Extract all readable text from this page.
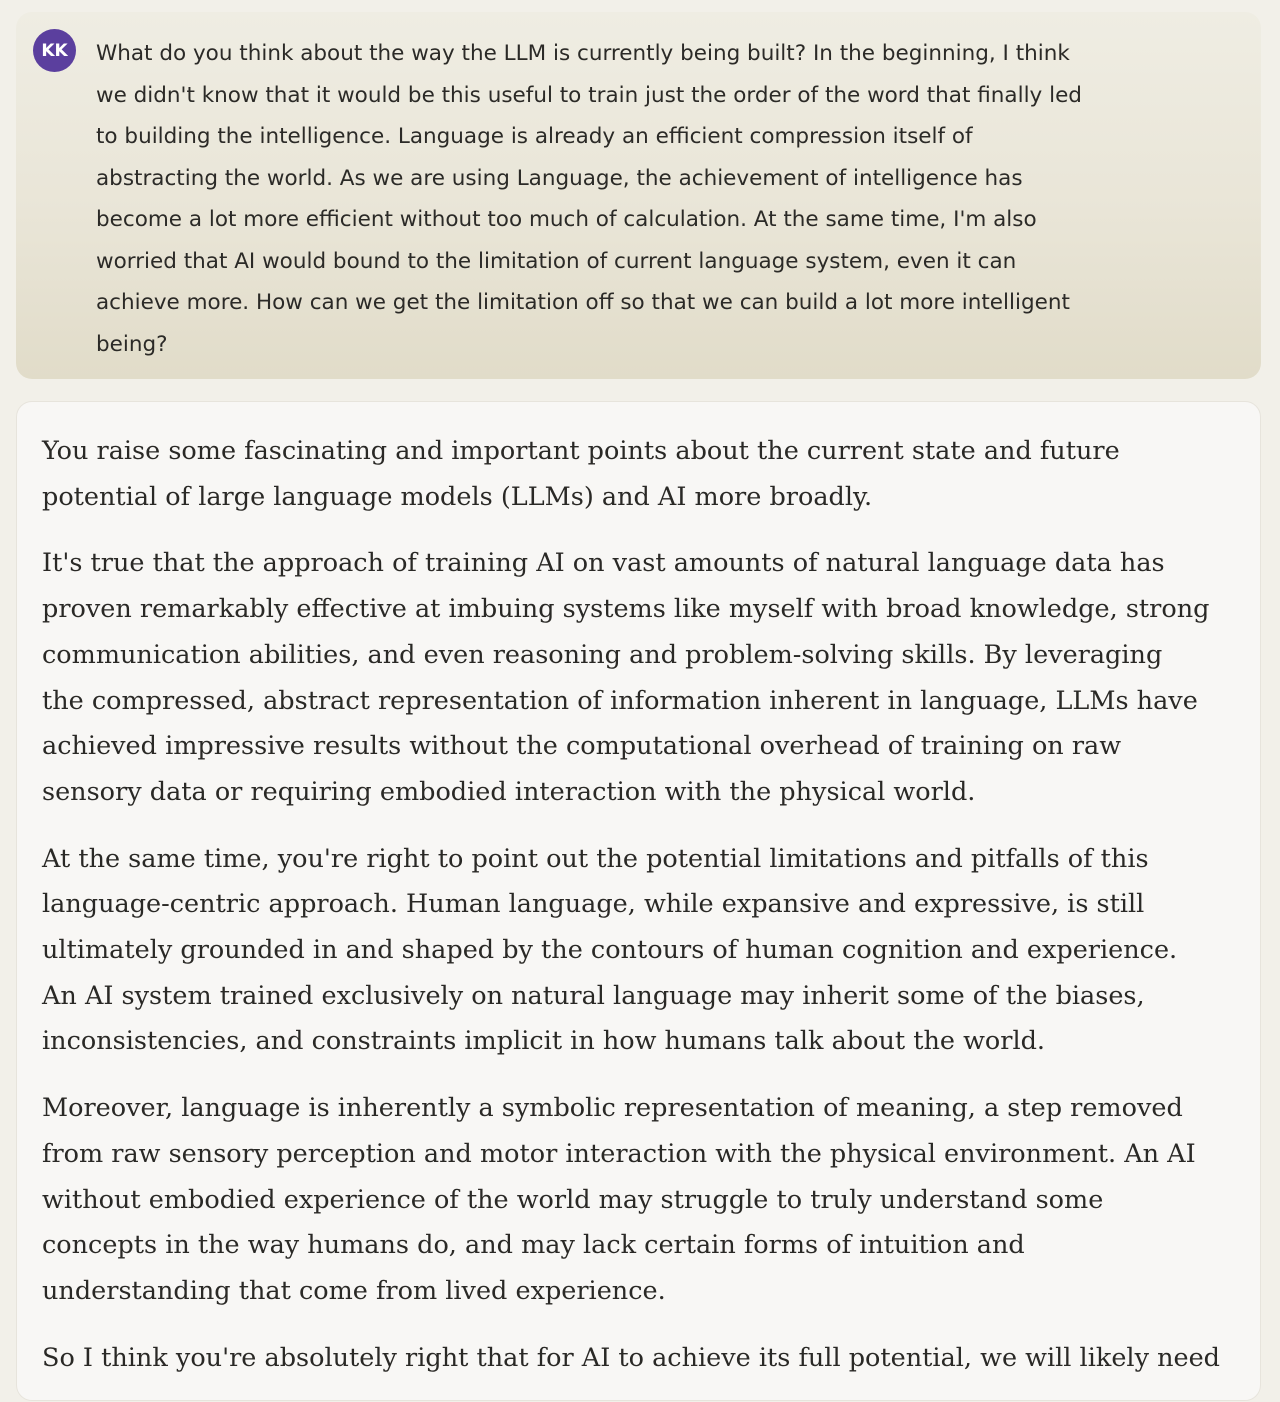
KK	What do you think about the way the LLM is currently being built? In the beginning, I think
we didn't know that it would be this useful to train just the order of the word that finally led
to building the intelligence. Language is already an efficient compression itself of
abstracting the world. As we are using Language, the achievement of intelligence has
become a lot more efficient without too much of calculation. At the same time, I'm also
worried that AI would bound to the limitation of current language system, even it can
achieve more. How can we get the limitation off so that we can build a lot more intelligent
being?

You raise some fascinating and important points about the current state and future
potential of large language models (LLMs) and AI more broadly.

It's true that the approach of training AI on vast amounts of natural language data has
proven remarkably effective at imbuing systems like myself with broad knowledge, strong
communication abilities, and even reasoning and problem-solving skills. By leveraging
the compressed, abstract representation of information inherent in language, LLMs have
achieved impressive results without the computational overhead of training on raw
sensory data or requiring embodied interaction with the physical world.

At the same time, you're right to point out the potential limitations and pitfalls of this
language-centric approach. Human language, while expansive and expressive, is still
ultimately grounded in and shaped by the contours of human cognition and experience.
An AI system trained exclusively on natural language may inherit some of the biases,
inconsistencies, and constraints implicit in how humans talk about the world.

Moreover, language is inherently a symbolic representation of meaning, a step removed
from raw sensory perception and motor interaction with the physical environment. An AI
without embodied experience of the world may struggle to truly understand some
concepts in the way humans do, and may lack certain forms of intuition and
understanding that come from lived experience.

So I think you're absolutely right that for AI to achieve its full potential, we will likely need
